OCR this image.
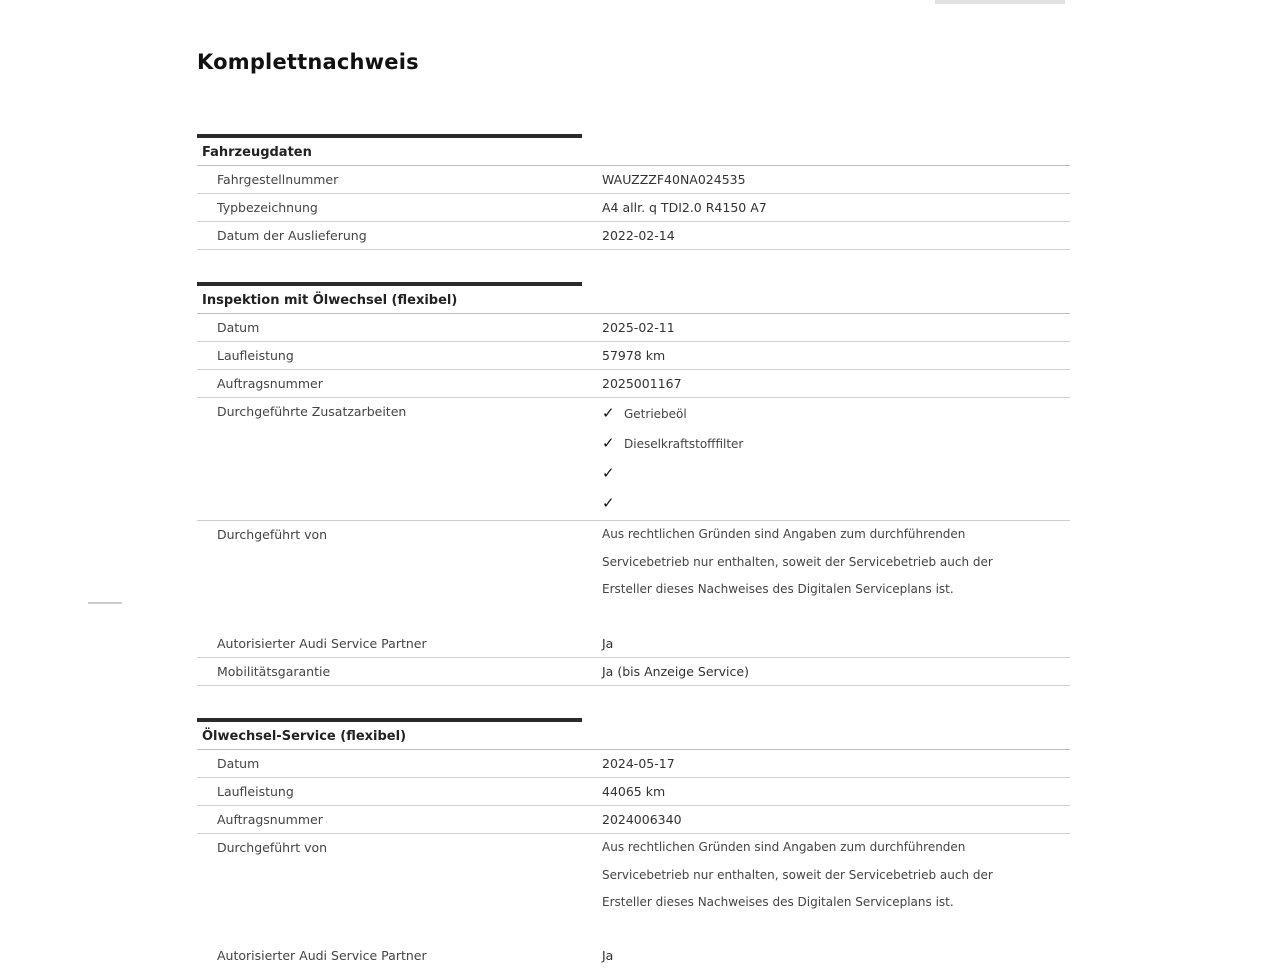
Komplettnachweis
Fahrzeugdaten
Fahrgestellnummer	WAUZZZF40NA024535
Typbezeichnung	A4 allr. q TDI2.0 R4150 A7
Datum der Auslieferung	2022-02-14
Inspektion mit Ölwechsel (flexibel)
Datum	2025-02-11
Laufleistung	57978 km
Auftragsnummer	2025001167
Durchgeführte Zusatzarbeiten	✓ Getriebeöl
✓ Dieselkraftstofffilter
✓
✓
Durchgeführt von	Aus rechtlichen Gründen sind Angaben zum durchführenden
Servicebetrieb nur enthalten, soweit der Servicebetrieb auch der
Ersteller dieses Nachweises des Digitalen Serviceplans ist.
Autorisierter Audi Service Partner	Ja
Mobilitätsgarantie	Ja (bis Anzeige Service)
Ölwechsel-Service (flexibel)
Datum	2024-05-17
Laufleistung	44065 km
Auftragsnummer	2024006340
Durchgeführt von	Aus rechtlichen Gründen sind Angaben zum durchführenden
Servicebetrieb nur enthalten, soweit der Servicebetrieb auch der
Ersteller dieses Nachweises des Digitalen Serviceplans ist.
Autorisierter Audi Service Partner	Ja
